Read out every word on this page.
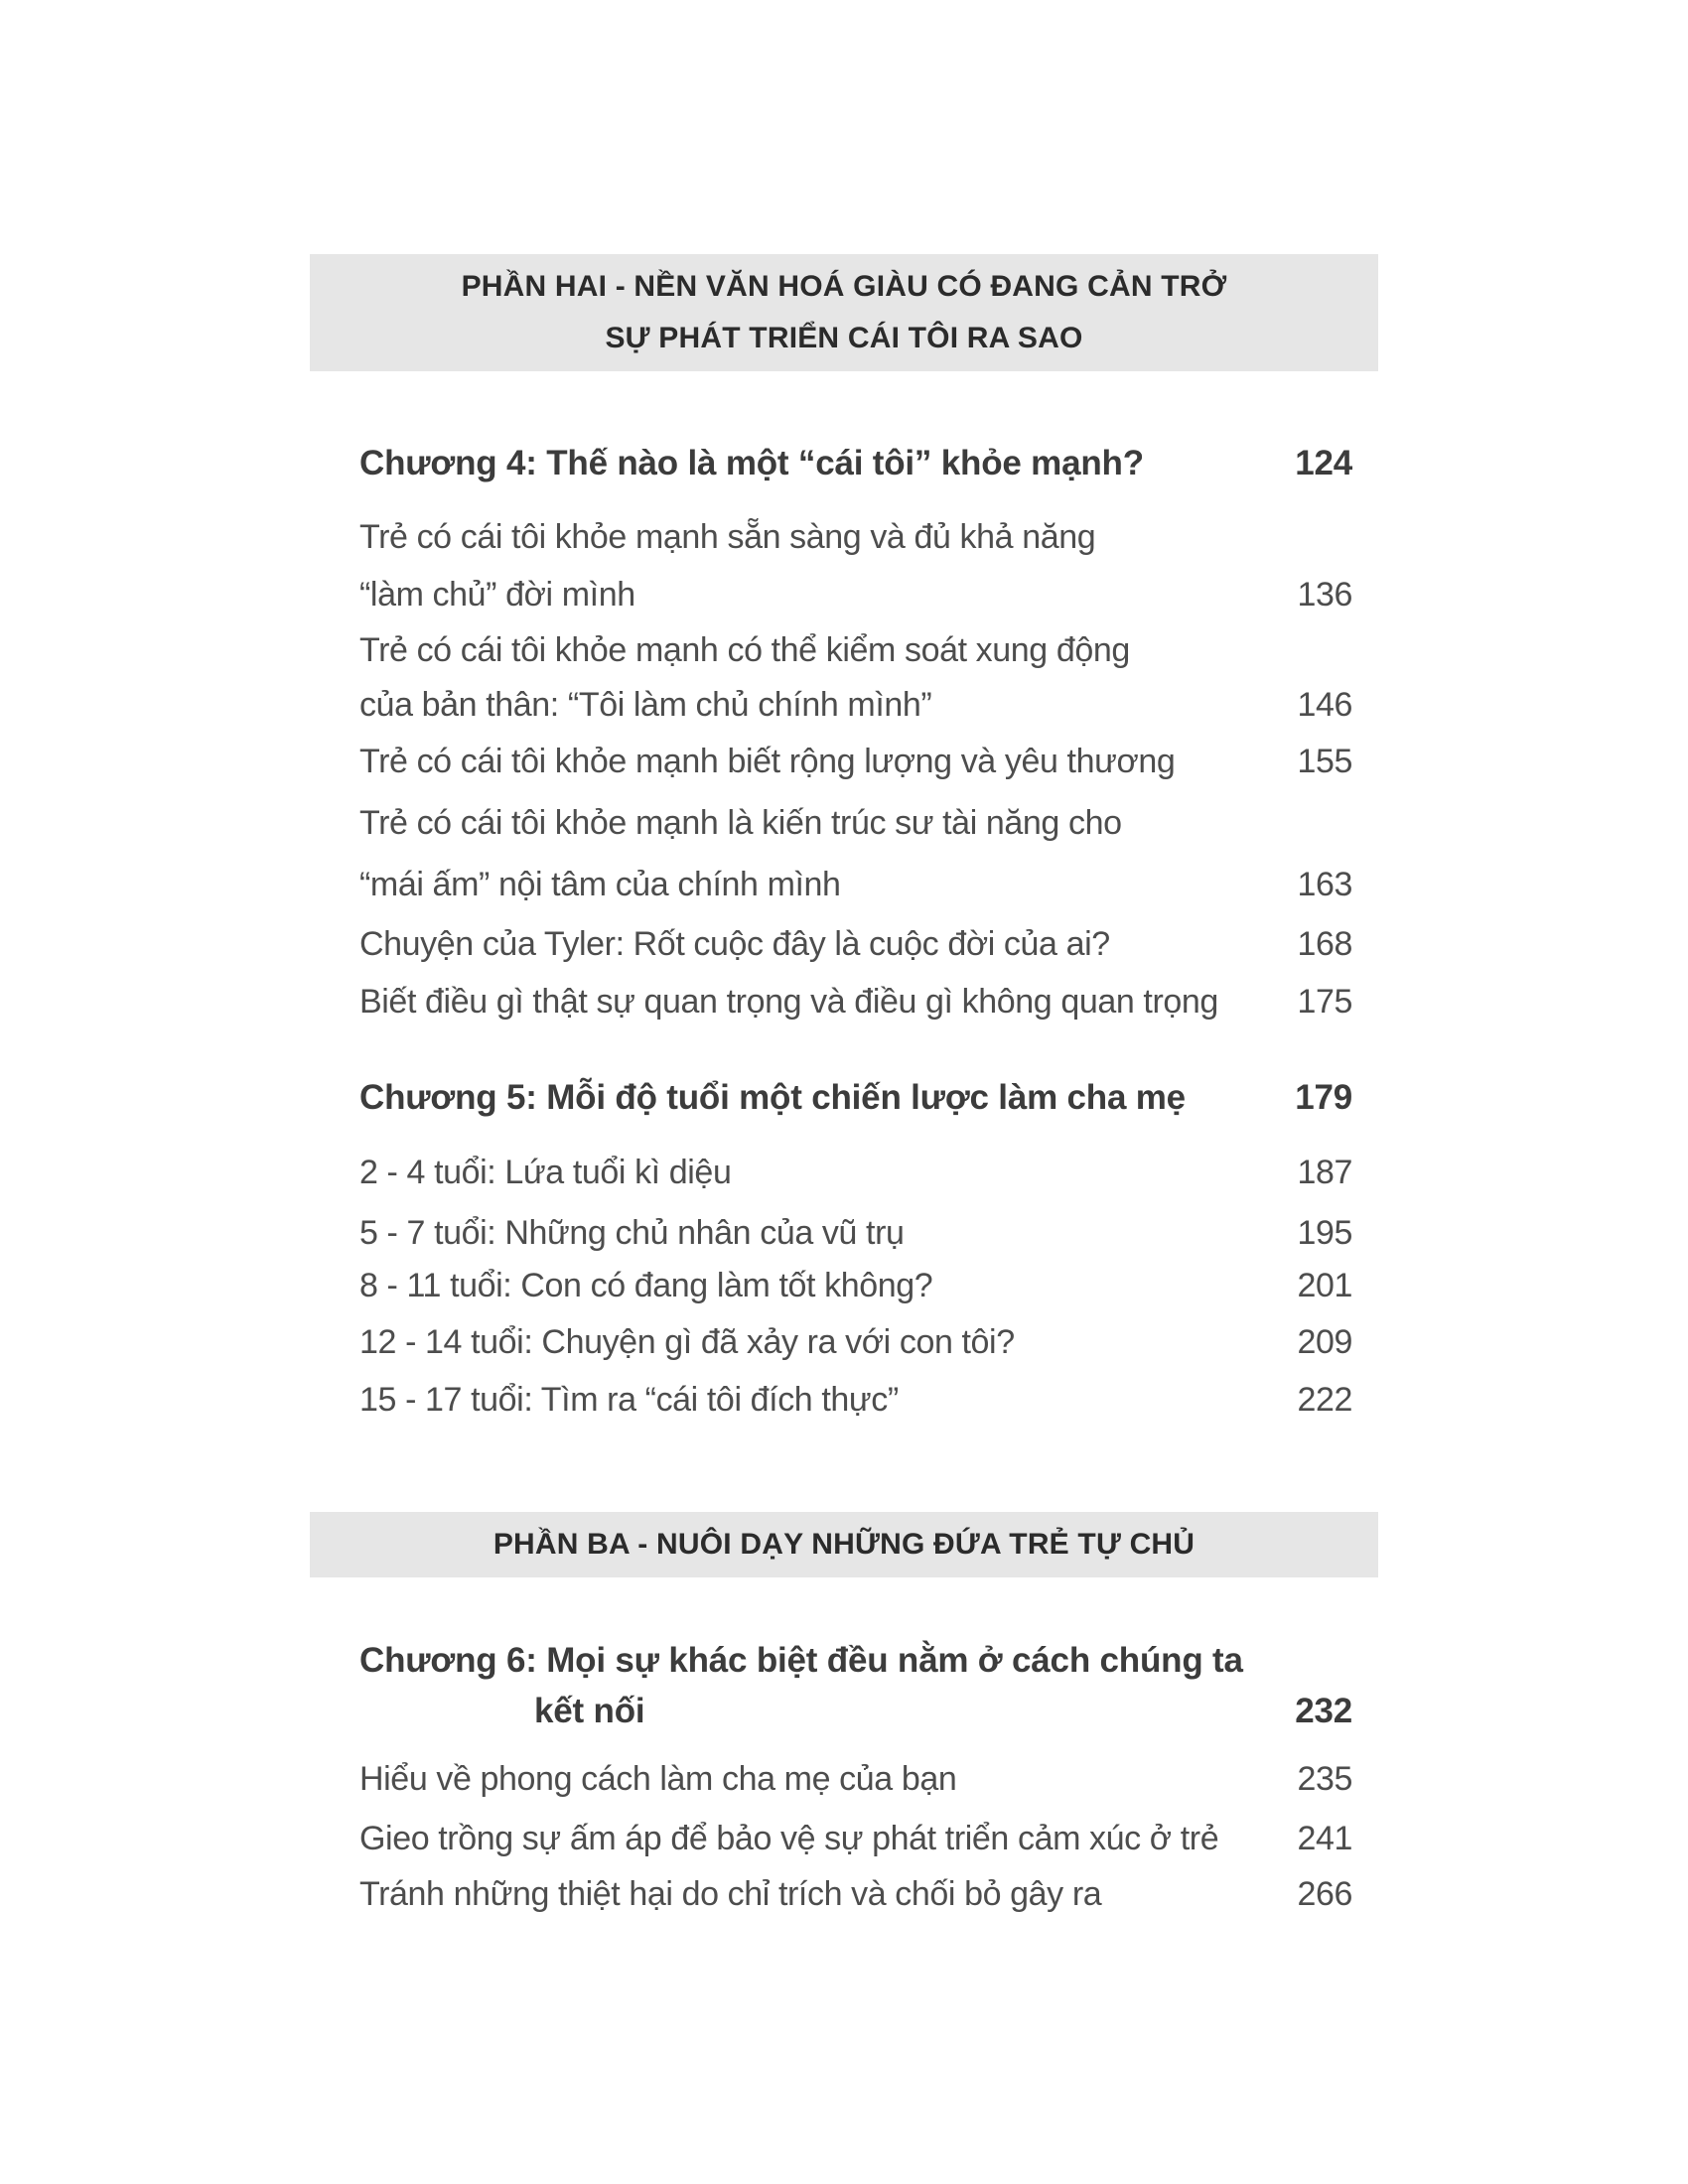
PHẦN HAI - NỀN VĂN HOÁ GIÀU CÓ ĐANG CẢN TRỞ
SỰ PHÁT TRIỂN CÁI TÔI RA SAO
Chương 4: Thế nào là một “cái tôi” khỏe mạnh?	124
Trẻ có cái tôi khỏe mạnh sẵn sàng và đủ khả năng
“làm chủ” đời mình	136
Trẻ có cái tôi khỏe mạnh có thể kiểm soát xung động
của bản thân: “Tôi làm chủ chính mình”	146
Trẻ có cái tôi khỏe mạnh biết rộng lượng và yêu thương	155
Trẻ có cái tôi khỏe mạnh là kiến trúc sư tài năng cho
“mái ấm” nội tâm của chính mình	163
Chuyện của Tyler: Rốt cuộc đây là cuộc đời của ai?	168
Biết điều gì thật sự quan trọng và điều gì không quan trọng	175
Chương 5: Mỗi độ tuổi một chiến lược làm cha mẹ	179
2 - 4 tuổi: Lứa tuổi kì diệu	187
5 - 7 tuổi: Những chủ nhân của vũ trụ	195
8 - 11 tuổi: Con có đang làm tốt không?	201
12 - 14 tuổi: Chuyện gì đã xảy ra với con tôi?	209
15 - 17 tuổi: Tìm ra “cái tôi đích thực”	222
Chương 6: Mọi sự khác biệt đều nằm ở cách chúng ta
kết nối	232
Hiểu về phong cách làm cha mẹ của bạn	235
Gieo trồng sự ấm áp để bảo vệ sự phát triển cảm xúc ở trẻ	241
Tránh những thiệt hại do chỉ trích và chối bỏ gây ra	266
PHẦN BA - NUÔI DẠY NHỮNG ĐỨA TRẺ TỰ CHỦ
